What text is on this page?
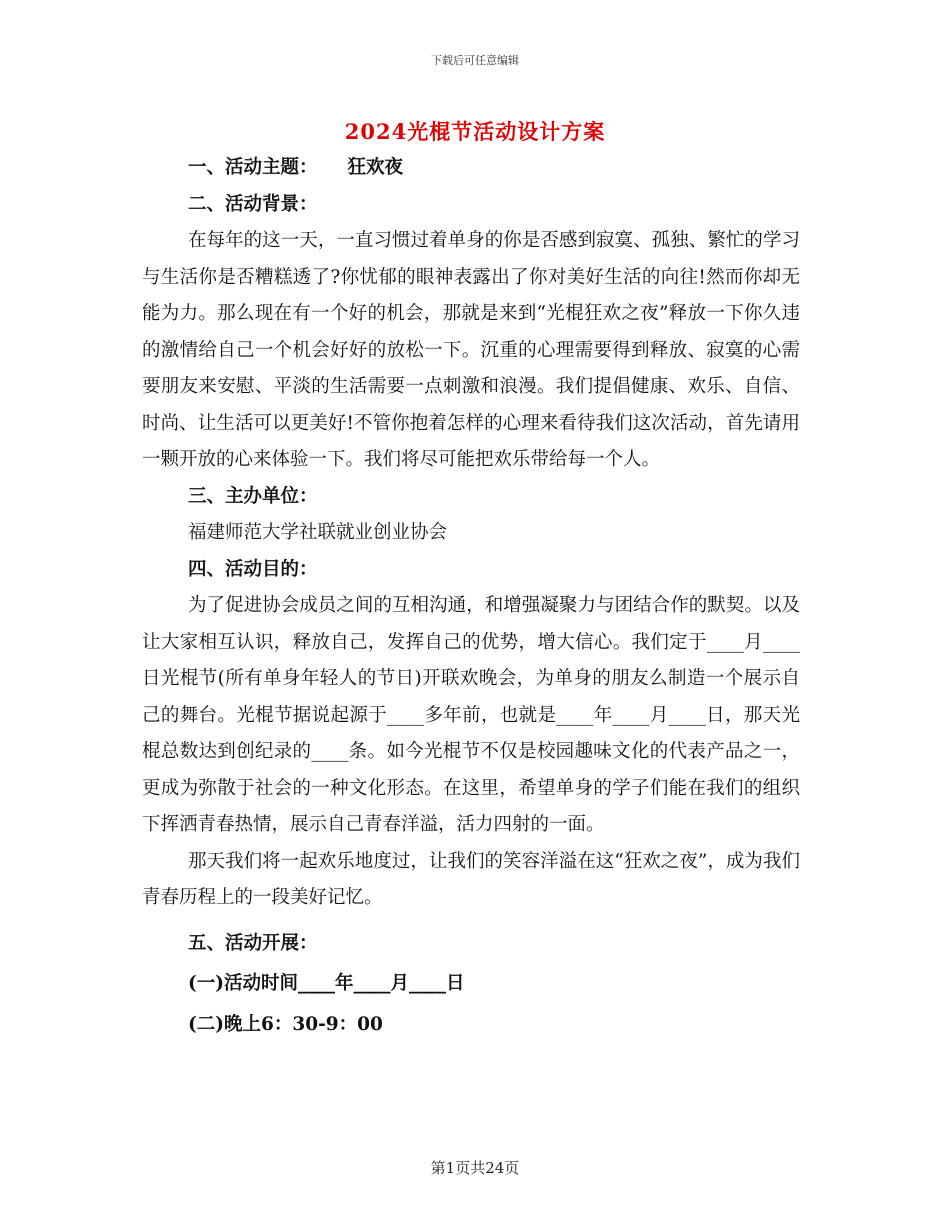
下载后可任意编辑
2024光棍节活动设计方案
一、活动主题： 狂欢夜
二、活动背景：
在每年的这一天，一直习惯过着单身的你是否感到寂寞、孤独、繁忙的学习与生活你是否糟糕透了?你忧郁的眼神表露出了你对美好生活的向往!然而你却无能为力。那么现在有一个好的机会，那就是来到“光棍狂欢之夜”释放一下你久违的激情给自己一个机会好好的放松一下。沉重的心理需要得到释放、寂寞的心需要朋友来安慰、平淡的生活需要一点刺激和浪漫。我们提倡健康、欢乐、自信、时尚、让生活可以更美好!不管你抱着怎样的心理来看待我们这次活动，首先请用一颗开放的心来体验一下。我们将尽可能把欢乐带给每一个人。
三、主办单位：
福建师范大学社联就业创业协会
四、活动目的：
为了促进协会成员之间的互相沟通，和增强凝聚力与团结合作的默契。以及让大家相互认识，释放自己，发挥自己的优势，增大信心。我们定于____月____日光棍节(所有单身年轻人的节日)开联欢晚会，为单身的朋友么制造一个展示自己的舞台。光棍节据说起源于____多年前，也就是____年____月____日，那天光棍总数达到创纪录的____条。如今光棍节不仅是校园趣味文化的代表产品之一，更成为弥散于社会的一种文化形态。在这里，希望单身的学子们能在我们的组织下挥洒青春热情，展示自己青春洋溢，活力四射的一面。
那天我们将一起欢乐地度过，让我们的笑容洋溢在这“狂欢之夜”，成为我们青春历程上的一段美好记忆。
五、活动开展：
(一)活动时间____年____月____日
(二)晚上6：30-9：00
第1页共24页
